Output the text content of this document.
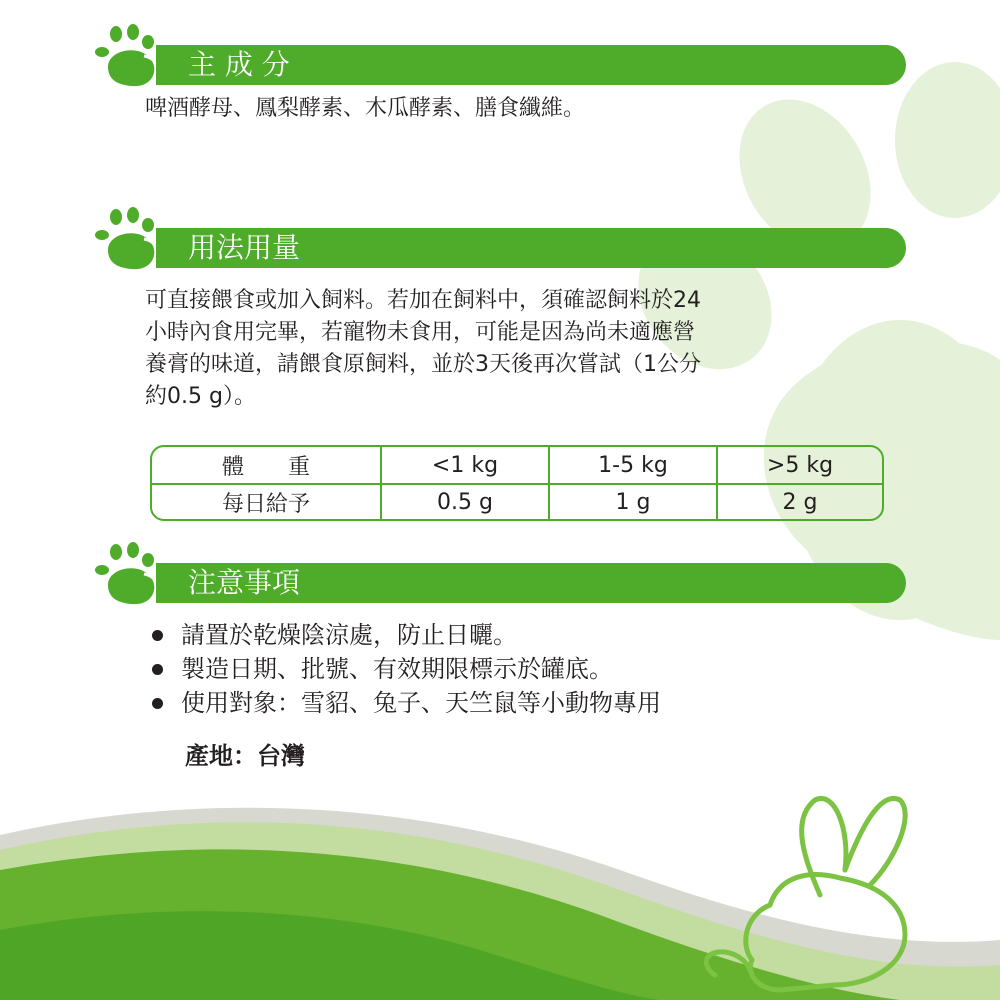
主 成 分
啤酒酵母、鳳梨酵素、木瓜酵素、膳食纖維。
用法用量

可直接餵食或加入飼料。若加在飼料中，須確認飼料於24

小時內食用完畢，若寵物未食用，可能是因為尚未適應營

養膏的味道，請餵食原飼料，並於3天後再次嘗試（1公分

約0.5 g）。

體　　重	<1 kg	1-5 kg	>5 kg
每日給予	0.5 g	1 g	2 g
注意事項
請置於乾燥陰涼處，防止日曬。
製造日期、批號、有效期限標示於罐底。
使用對象：雪貂、兔子、天竺鼠等小動物專用
產地：台灣
